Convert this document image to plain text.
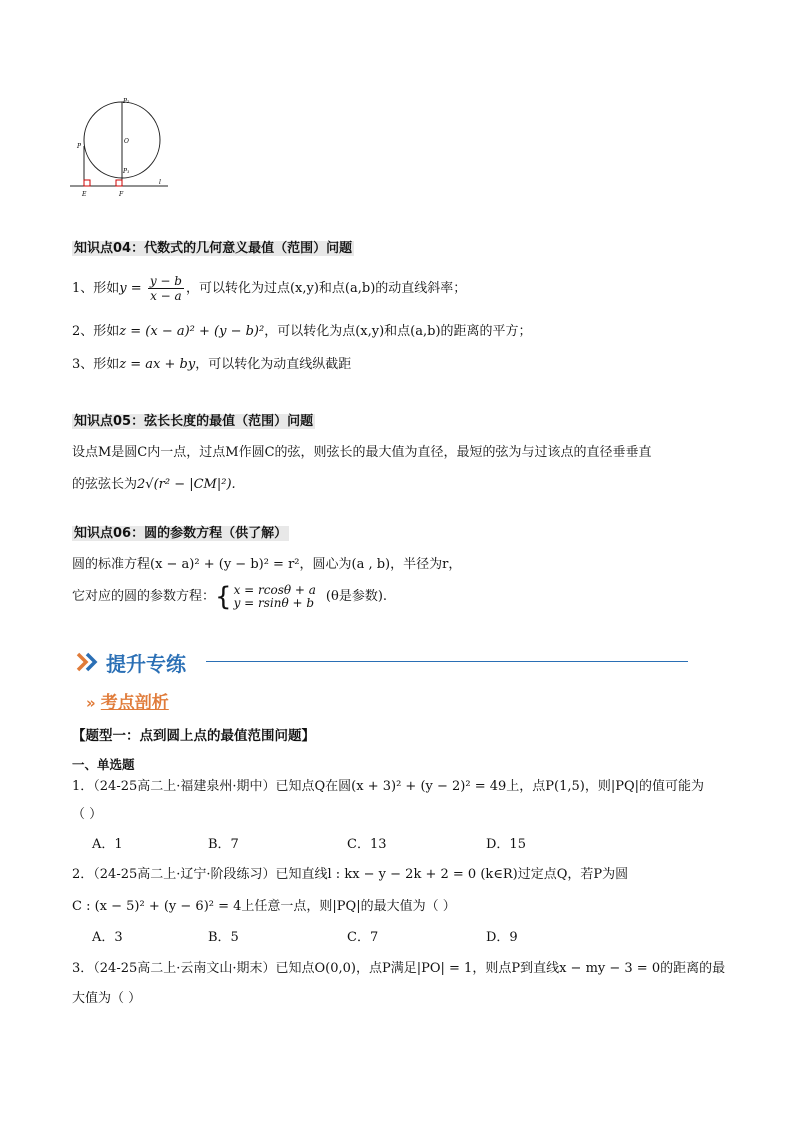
P₂
O
P
P₁
E	F
l
知识点04：代数式的几何意义最值（范围）问题
1、形如$y = \frac{y - b}{x - a}$ ，可以转化为过点(x,y)和点(a,b)的动直线斜率；
2、形如z = (x − a)² + (y − b)²，可以转化为点(x,y)和点(a,b)的距离的平方；
3、形如z = ax + by，可以转化为动直线纵截距
知识点05：弦长长度的最值（范围）问题
设点M是圆C内一点，过点M作圆C的弦，则弦长的最大值为直径，最短的弦为与过该点的直径垂垂直
的弦弦长为2√(r² − |CM|²).
知识点06：圆的参数方程（供了解）
圆的标准方程(x − a)² + (y − b)² = r²，圆心为(a , b)，半径为r，
它对应的圆的参数方程： { x = rcosθ + a
y = rsinθ + b (θ是参数).
提升专练
» 考点剖析
【题型一：点到圆上点的最值范围问题】
一、单选题
1．（24-25高二上·福建泉州·期中）已知点Q在圆(x + 3)² + (y − 2)² = 49上，点P(1,5)，则|PQ|的值可能为
（ ）
A．1	B．7	C．13	D．15
2．（24-25高二上·辽宁·阶段练习）已知直线l : kx − y − 2k + 2 = 0 (k∈R)过定点Q，若P为圆
C : (x − 5)² + (y − 6)² = 4上任意一点，则|PQ|的最大值为（ ）
A．3	B．5	C．7	D．9
3．（24-25高二上·云南文山·期末）已知点O(0,0)，点P满足|PO| = 1，则点P到直线x − my − 3 = 0的距离的最
大值为（ ）
